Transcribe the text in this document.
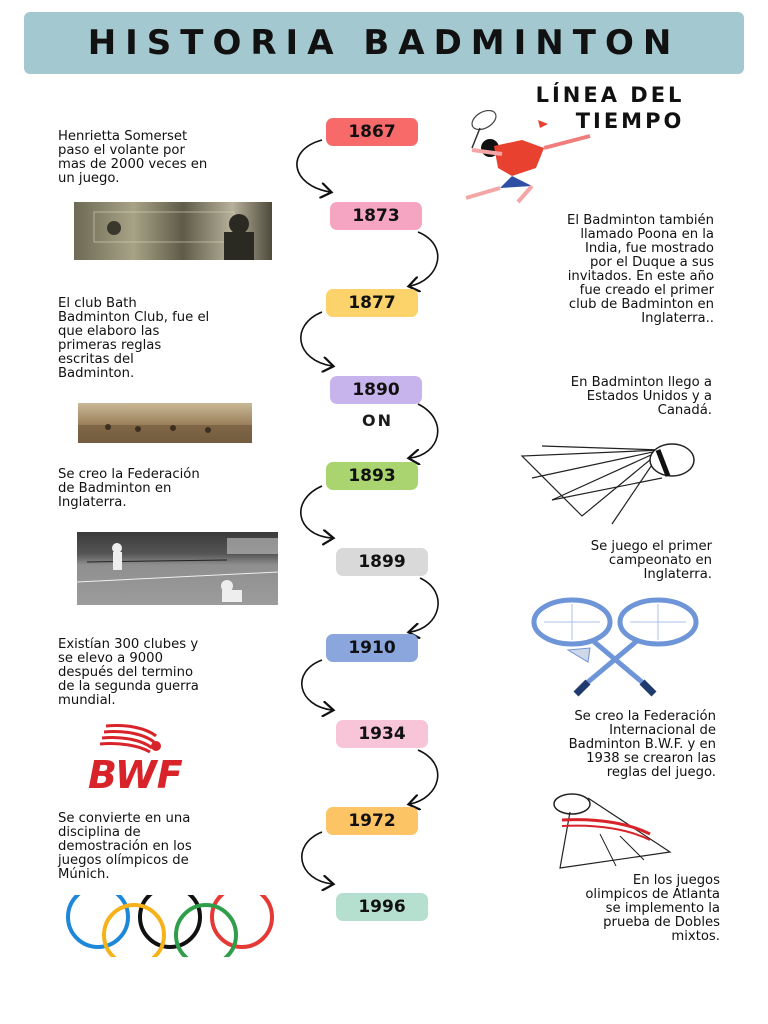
HISTORIA BADMINTON
LÍNEA DEL
TIEMPO
1867
1873
1877
1890
ON
1893
1899
1910
1934
1972
1996
Henrietta Somerset
paso el volante por
mas de 2000 veces en
un juego.
El club Bath
Badminton Club, fue el
que elaboro las
primeras reglas
escritas del
Badminton.
Se creo la Federación
de Badminton en
Inglaterra.
Existían 300 clubes y
se elevo a 9000
después del termino
de la segunda guerra
mundial.
Se convierte en una
disciplina de
demostración en los
juegos olímpicos de
Múnich.
El Badminton también
llamado Poona en la
India, fue mostrado
por el Duque a sus
invitados. En este año
fue creado el primer
club de Badminton en
Inglaterra..
En Badminton llego a
Estados Unidos y a
Canadá.
Se juego el primer
campeonato en
Inglaterra.
Se creo la Federación
Internacional de
Badminton B.W.F. y en
1938 se crearon las
reglas del juego.
En los juegos
olimpicos de Atlanta
se implemento la
prueba de Dobles
mixtos.
BWF
